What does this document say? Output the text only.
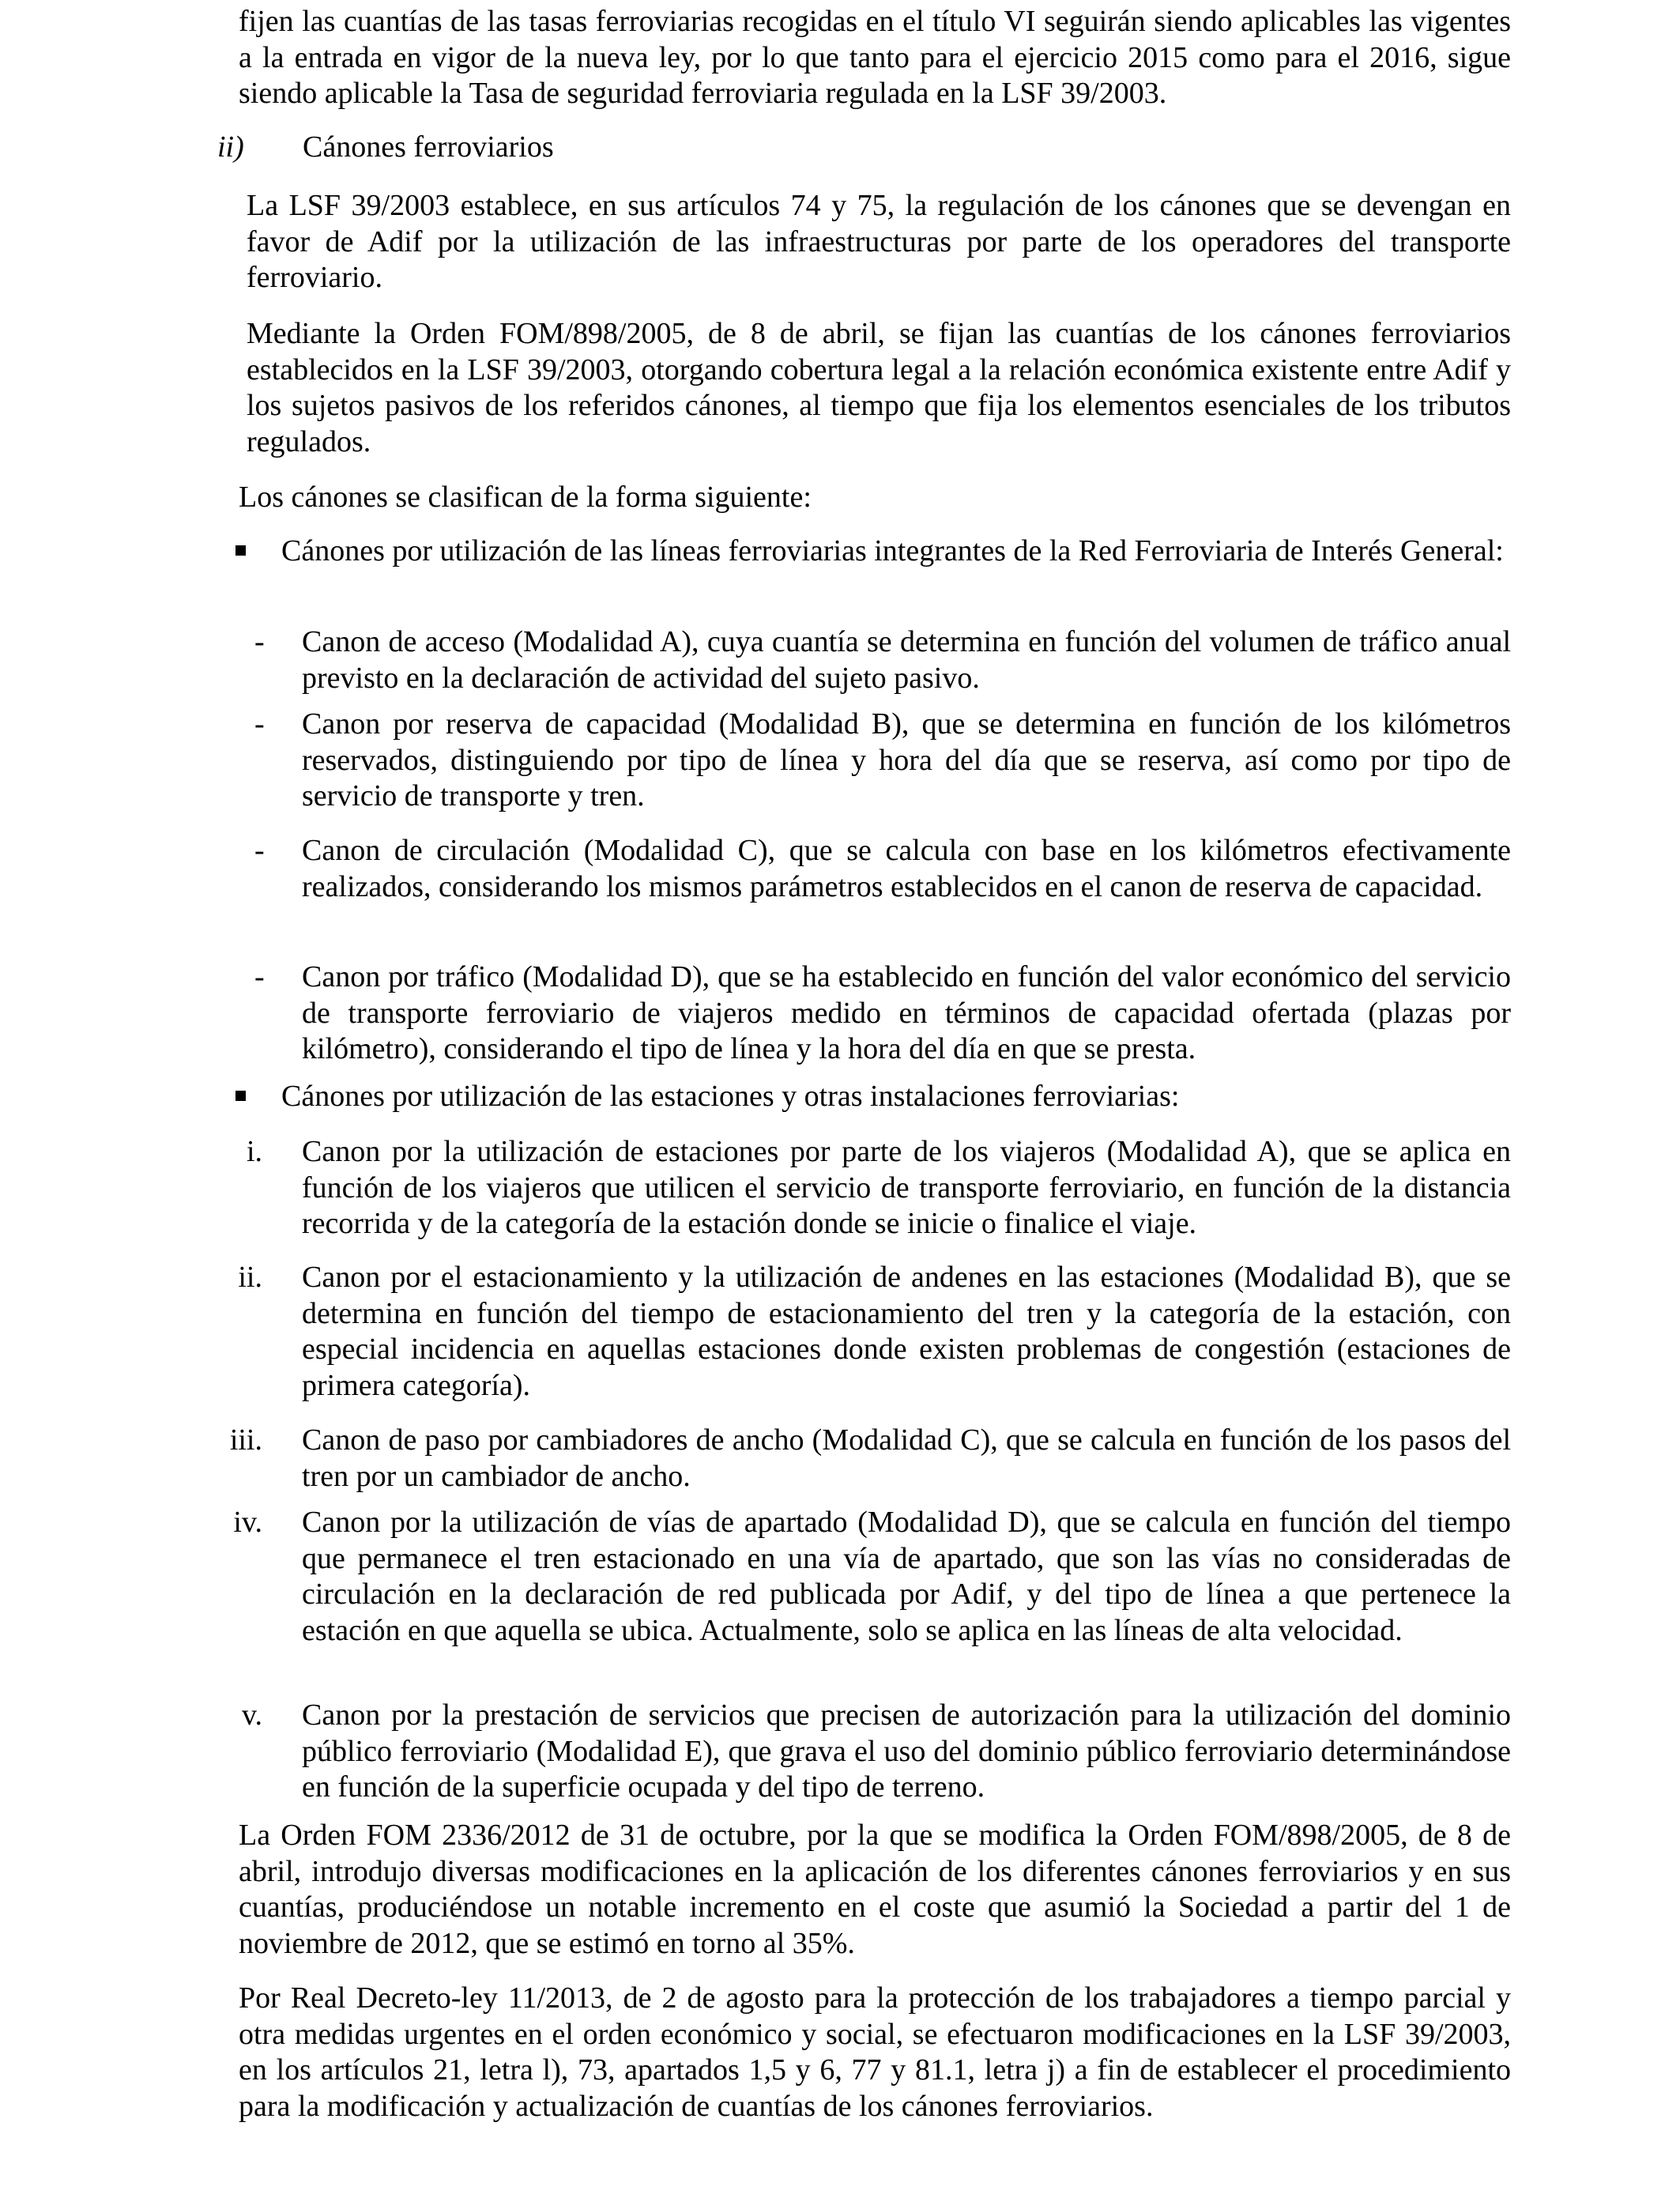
fijen las cuantías de las tasas ferroviarias recogidas en el título VI seguirán siendo aplicables las vigentes a la entrada en vigor de la nueva ley, por lo que tanto para el ejercicio 2015 como para el 2016, sigue siendo aplicable la Tasa de seguridad ferroviaria regulada en la LSF 39/2003.

ii) Cánones ferroviarios

La LSF 39/2003 establece, en sus artículos 74 y 75, la regulación de los cánones que se devengan en favor de Adif por la utilización de las infraestructuras por parte de los operadores del transporte ferroviario.

Mediante la Orden FOM/898/2005, de 8 de abril, se fijan las cuantías de los cánones ferroviarios establecidos en la LSF 39/2003, otorgando cobertura legal a la relación económica existente entre Adif y los sujetos pasivos de los referidos cánones, al tiempo que fija los elementos esenciales de los tributos regulados.

Los cánones se clasifican de la forma siguiente:

Cánones por utilización de las líneas ferroviarias integrantes de la Red Ferroviaria de Interés General:

- Canon de acceso (Modalidad A), cuya cuantía se determina en función del volumen de tráfico anual previsto en la declaración de actividad del sujeto pasivo.

- Canon por reserva de capacidad (Modalidad B), que se determina en función de los kilómetros reservados, distinguiendo por tipo de línea y hora del día que se reserva, así como por tipo de servicio de transporte y tren.

- Canon de circulación (Modalidad C), que se calcula con base en los kilómetros efectivamente realizados, considerando los mismos parámetros establecidos en el canon de reserva de capacidad.

- Canon por tráfico (Modalidad D), que se ha establecido en función del valor económico del servicio de transporte ferroviario de viajeros medido en términos de capacidad ofertada (plazas por kilómetro), considerando el tipo de línea y la hora del día en que se presta.

Cánones por utilización de las estaciones y otras instalaciones ferroviarias:

i. Canon por la utilización de estaciones por parte de los viajeros (Modalidad A), que se aplica en función de los viajeros que utilicen el servicio de transporte ferroviario, en función de la distancia recorrida y de la categoría de la estación donde se inicie o finalice el viaje.

ii. Canon por el estacionamiento y la utilización de andenes en las estaciones (Modalidad B), que se determina en función del tiempo de estacionamiento del tren y la categoría de la estación, con especial incidencia en aquellas estaciones donde existen problemas de congestión (estaciones de primera categoría).

iii. Canon de paso por cambiadores de ancho (Modalidad C), que se calcula en función de los pasos del tren por un cambiador de ancho.

iv. Canon por la utilización de vías de apartado (Modalidad D), que se calcula en función del tiempo que permanece el tren estacionado en una vía de apartado, que son las vías no consideradas de circulación en la declaración de red publicada por Adif, y del tipo de línea a que pertenece la estación en que aquella se ubica. Actualmente, solo se aplica en las líneas de alta velocidad.

v. Canon por la prestación de servicios que precisen de autorización para la utilización del dominio público ferroviario (Modalidad E), que grava el uso del dominio público ferroviario determinándose en función de la superficie ocupada y del tipo de terreno.

La Orden FOM 2336/2012 de 31 de octubre, por la que se modifica la Orden FOM/898/2005, de 8 de abril, introdujo diversas modificaciones en la aplicación de los diferentes cánones ferroviarios y en sus cuantías, produciéndose un notable incremento en el coste que asumió la Sociedad a partir del 1 de noviembre de 2012, que se estimó en torno al 35%.

Por Real Decreto-ley 11/2013, de 2 de agosto para la protección de los trabajadores a tiempo parcial y otra medidas urgentes en el orden económico y social, se efectuaron modificaciones en la LSF 39/2003, en los artículos 21, letra l), 73, apartados 1,5 y 6, 77 y 81.1, letra j) a fin de establecer el procedimiento para la modificación y actualización de cuantías de los cánones ferroviarios.
